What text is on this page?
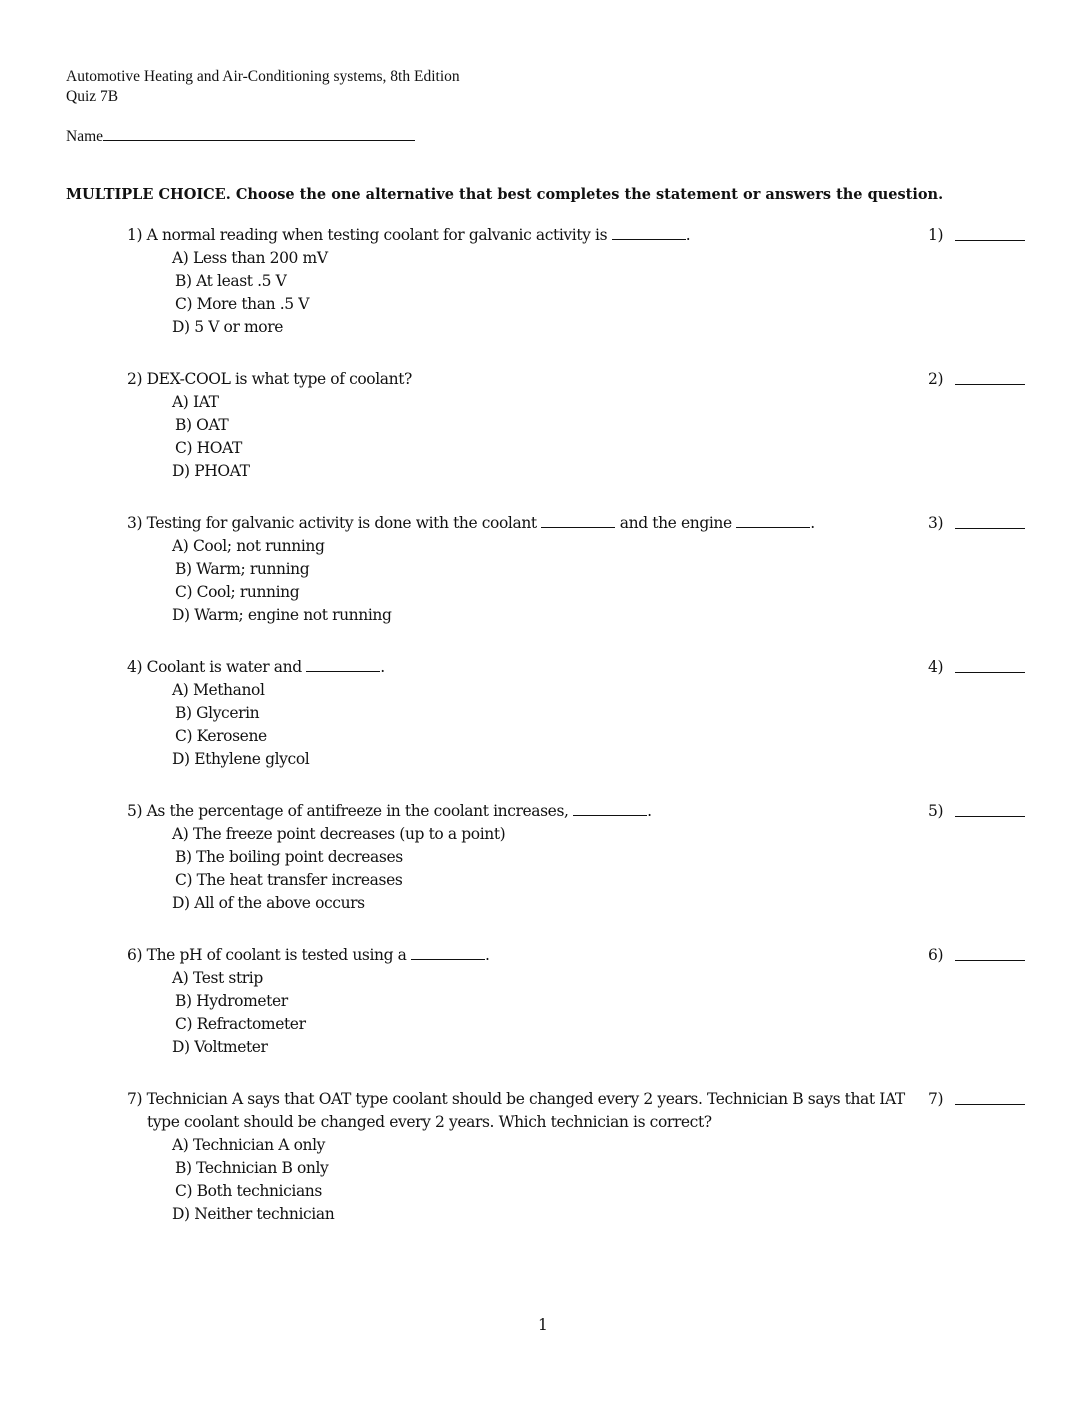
Automotive Heating and Air-Conditioning systems, 8th Edition
Quiz 7B
Name
MULTIPLE CHOICE. Choose the one alternative that best completes the statement or answers the question.
1) A normal reading when testing coolant for galvanic activity is	.
A) Less than 200 mV
B) At least .5 V
C) More than .5 V
D) 5 V or more
1)
2) DEX-COOL is what type of coolant?
A) IAT
B) OAT
C) HOAT
D) PHOAT
2)
3) Testing for galvanic activity is done with the coolant	and the engine	.
A) Cool; not running
B) Warm; running
C) Cool; running
D) Warm; engine not running
3)
4) Coolant is water and	.
A) Methanol
B) Glycerin
C) Kerosene
D) Ethylene glycol
4)
5) As the percentage of antifreeze in the coolant increases,	.
A) The freeze point decreases (up to a point)
B) The boiling point decreases
C) The heat transfer increases
D) All of the above occurs
5)
6) The pH of coolant is tested using a	.
A) Test strip
B) Hydrometer
C) Refractometer
D) Voltmeter
6)
7) Technician A says that OAT type coolant should be changed every 2 years. Technician B says that IAT type coolant should be changed every 2 years. Which technician is correct?
A) Technician A only
B) Technician B only
C) Both technicians
D) Neither technician
7)
1
